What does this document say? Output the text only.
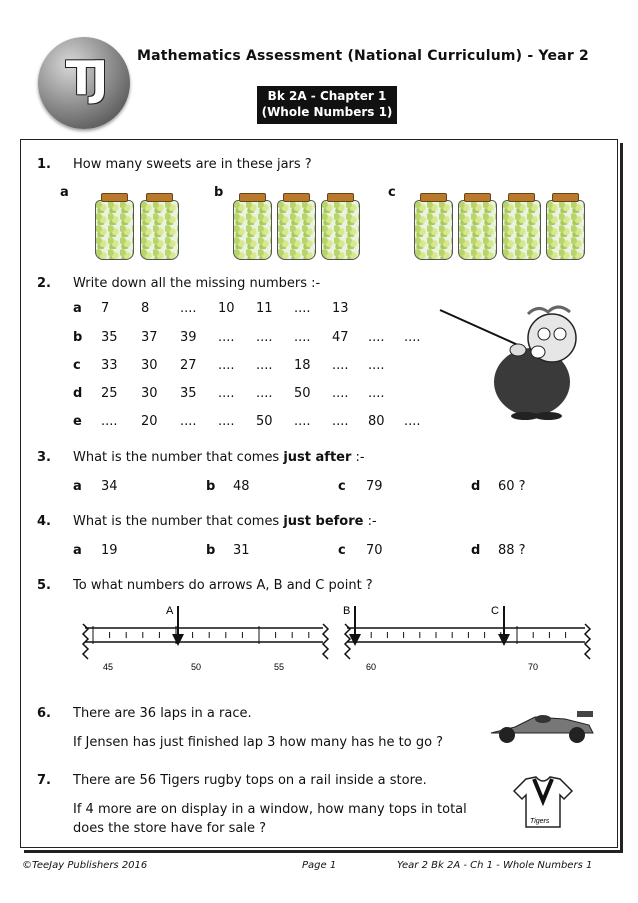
TJ	Mathematics Assessment (National Curriculum) - Year 2
Bk 2A - Chapter 1
(Whole Numbers 1)
1. How many sweets are in these jars ?
a	b	c
2. Write down all the missing numbers :-
a 7 8 .... 10 11 .... 13
b 35 37 39 .... .... .... 47 .... ....
c 33 30 27 .... .... 18 .... ....
d 25 30 35 .... .... 50 .... ....
e .... 20 .... .... 50 .... .... 80 ....
3. What is the number that comes just after :-
a 34	b 48	c 79	d 60 ?
4. What is the number that comes just before :-
a 19	b 31	c 70	d 88 ?
5. To what numbers do arrows A, B and C point ?
A
45	50	55
B	C
60	70
6. There are 36 laps in a race.
If Jensen has just finished lap 3 how many has he to go ?
7. There are 56 Tigers rugby tops on a rail inside a store.
If 4 more are on display in a window, how many tops in total
does the store have for sale ?	Tigers
©TeeJay Publishers 2016	Page 1	Year 2 Bk 2A - Ch 1 - Whole Numbers 1
